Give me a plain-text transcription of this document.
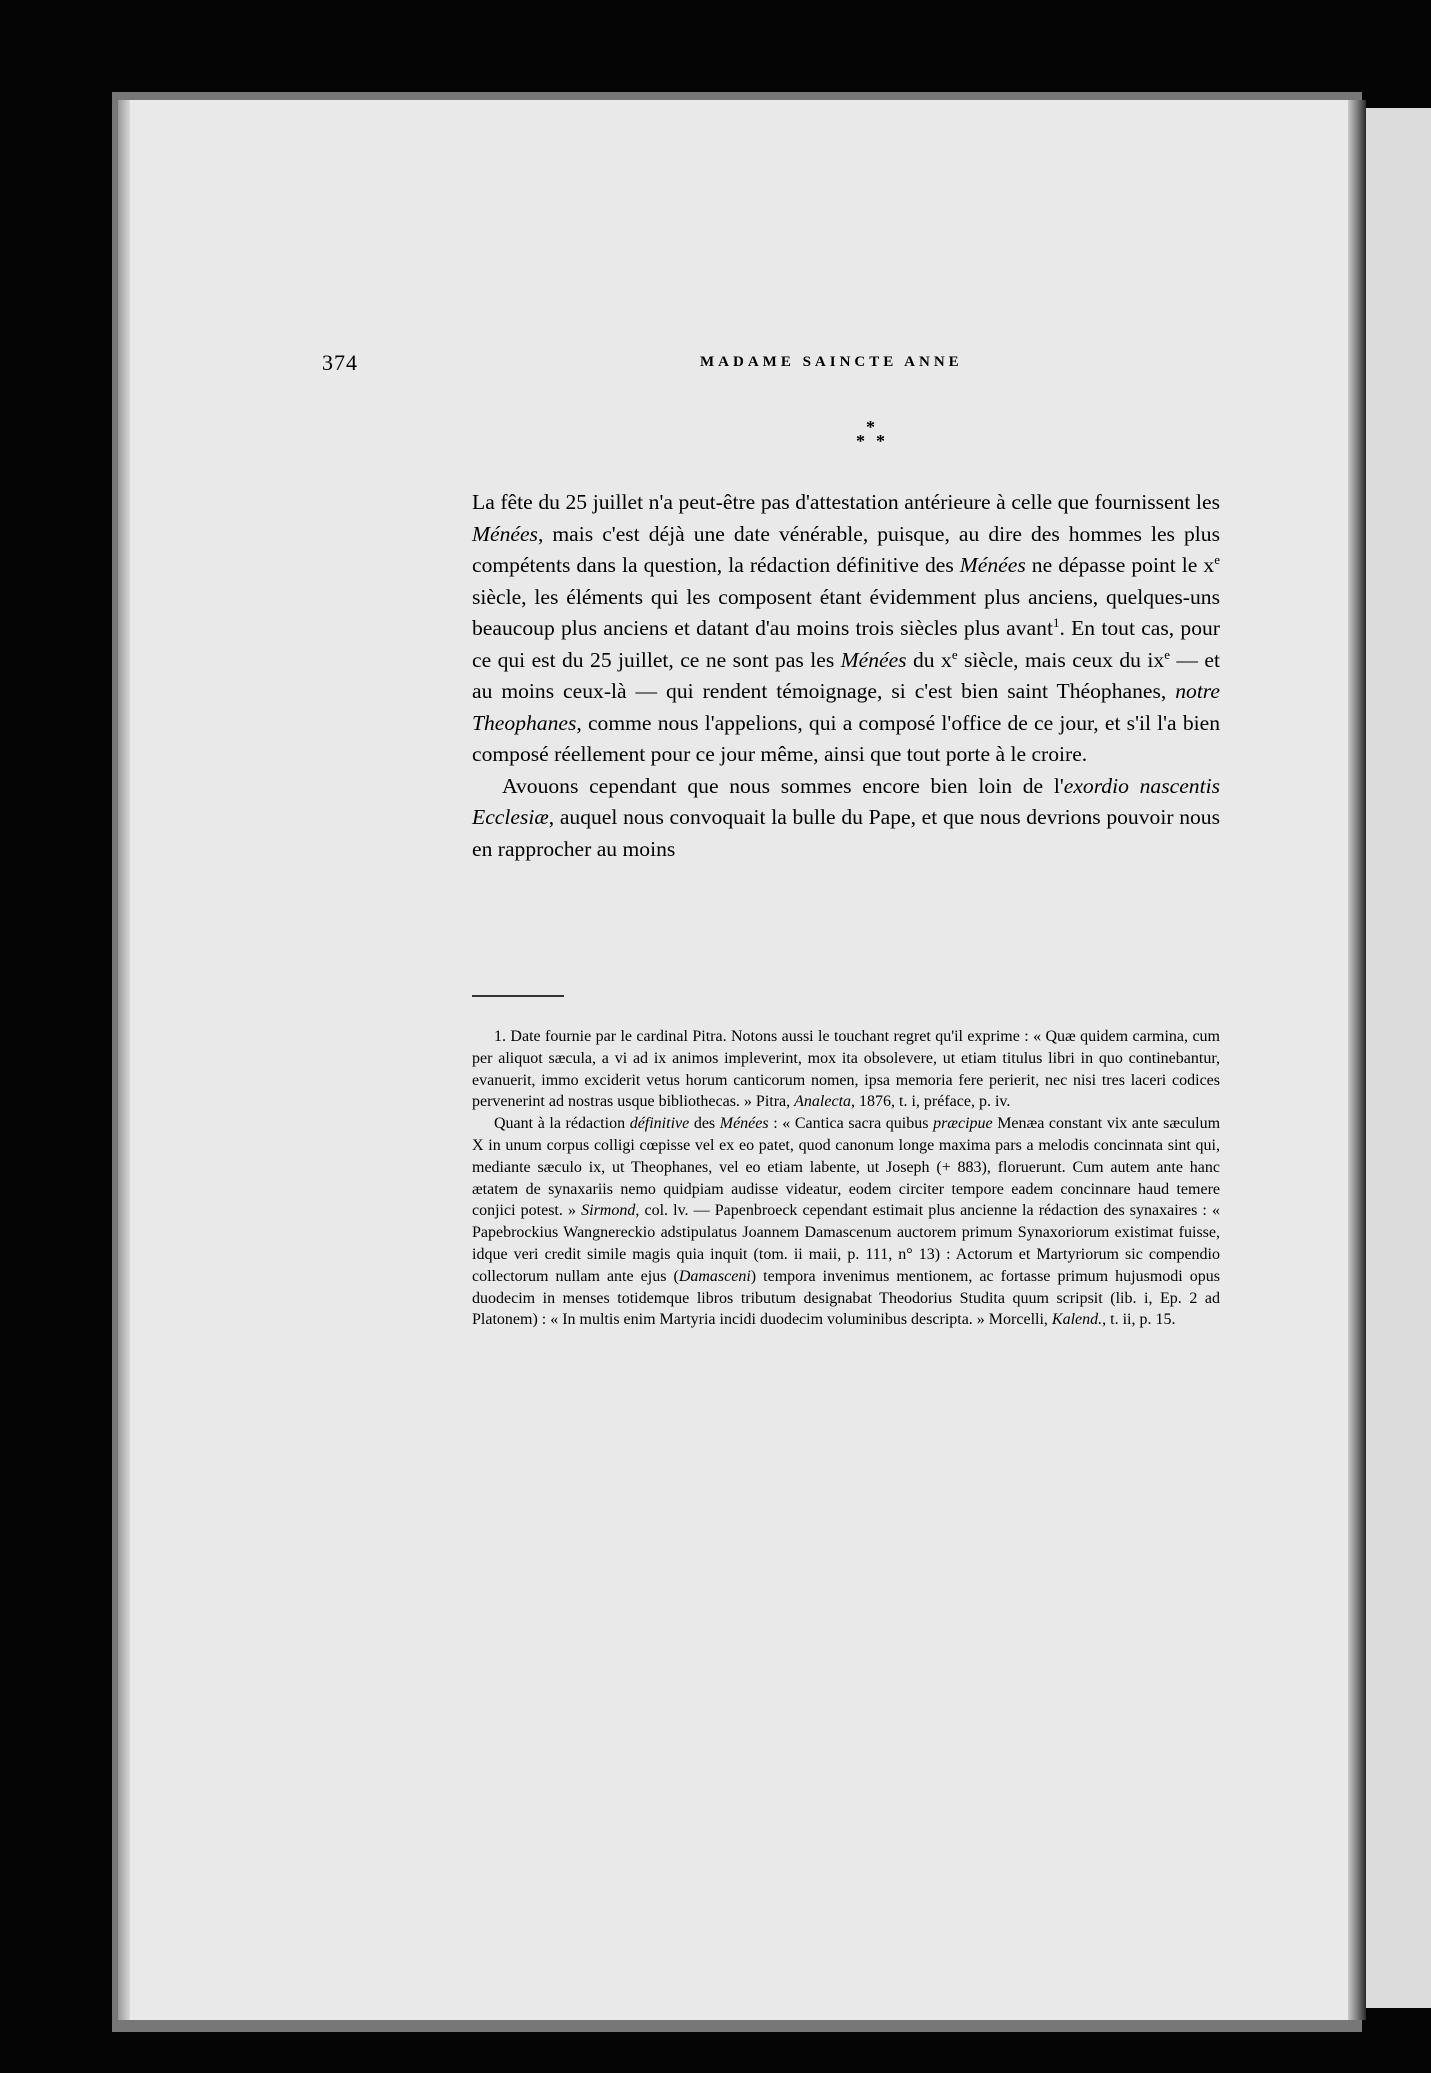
374	MADAME SAINCTE ANNE
*
* *

La fête du 25 juillet n'a peut-être pas d'attestation antérieure à celle que fournissent les Ménées, mais c'est déjà une date vénérable, puisque, au dire des hommes les plus compétents dans la question, la rédaction définitive des Ménées ne dépasse point le $x^e$ siècle, les éléments qui les composent étant évidemment plus anciens, quelques-uns beaucoup plus anciens et datant d'au moins trois siècles plus avant$^1$. En tout cas, pour ce qui est du 25 juillet, ce ne sont pas les Ménées du $x^e$ siècle, mais ceux du $ix^e$ — et au moins ceux-là — qui rendent témoignage, si c'est bien saint Théophanes, notre Theophanes, comme nous l'appelions, qui a composé l'office de ce jour, et s'il l'a bien composé réellement pour ce jour même, ainsi que tout porte à le croire.

Avouons cependant que nous sommes encore bien loin de l'exordio nascentis Ecclesiæ, auquel nous convoquait la bulle du Pape, et que nous devrions pouvoir nous en rapprocher au moins

1. Date fournie par le cardinal Pitra. Notons aussi le touchant regret qu'il exprime : « Quæ quidem carmina, cum per aliquot sæcula, a vi ad ix animos impleverint, mox ita obsolevere, ut etiam titulus libri in quo continebantur, evanuerit, immo exciderit vetus horum canticorum nomen, ipsa memoria fere perierit, nec nisi tres laceri codices pervenerint ad nostras usque bibliothecas. » Pitra, Analecta, 1876, t. i, préface, p. iv.

Quant à la rédaction définitive des Ménées : « Cantica sacra quibus præcipue Menæa constant vix ante sæculum X in unum corpus colligi cœpisse vel ex eo patet, quod canonum longe maxima pars a melodis concinnata sint qui, mediante sæculo ix, ut Theophanes, vel eo etiam labente, ut Joseph (+ 883), floruerunt. Cum autem ante hanc ætatem de synaxariis nemo quidpiam audisse videatur, eodem circiter tempore eadem concinnare haud temere conjici potest. » Sirmond, col. lv. — Papenbroeck cependant estimait plus ancienne la rédaction des synaxaires : « Papebrockius Wangnereckio adstipulatus Joannem Damascenum auctorem primum Synaxoriorum existimat fuisse, idque veri credit simile magis quia inquit (tom. ii maii, p. 111, n° 13) : Actorum et Martyriorum sic compendio collectorum nullam ante ejus (Damasceni) tempora invenimus mentionem, ac fortasse primum hujusmodi opus duodecim in menses totidemque libros tributum designabat Theodorius Studita quum scripsit (lib. i, Ep. 2 ad Platonem) : « In multis enim Martyria incidi duodecim voluminibus descripta. » Morcelli, Kalend., t. ii, p. 15.
